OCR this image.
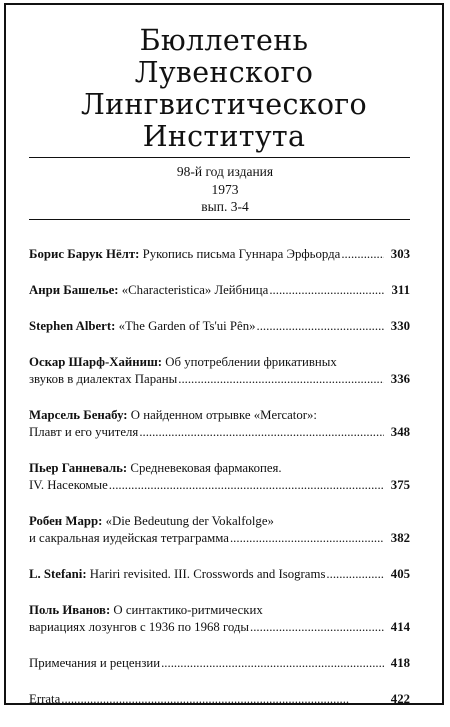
Бюллетень
Лувенского
Лингвистического
Института
98-й год издания
1973
вып. 3-4
Борис Барук Нёлт:
Рукопись письма Гуннара Эрфьорда . . .	303
Анри Башелье:
«Characteristica» Лейбница . . .	311
Stephen Albert:
«The Garden of Ts'ui Pên» . . .	330
Оскар Шарф-Хайниш:
Об употреблении фрикативных
звуков в диалектах Параны . . .	336
Марсель Бенабу:
О найденном отрывке «Mercator»:
Плавт и его учителя . . .	348
Пьер Ганневаль:
Средневековая фармакопея.
IV. Насекомые . . .	375
Робен Марр:
«Die Bedeutung der Vokalfolge»
и сакральная иудейская тетраграмма . . .	382
L. Stefani:
Hariri revisited. III. Crosswords and Isograms . . .	405
Поль Иванов:
О синтактико-ритмических
вариациях лозунгов с 1936 по 1968 годы . . .	414
Примечания и рецензии . . .	418
Errata . . .	422
